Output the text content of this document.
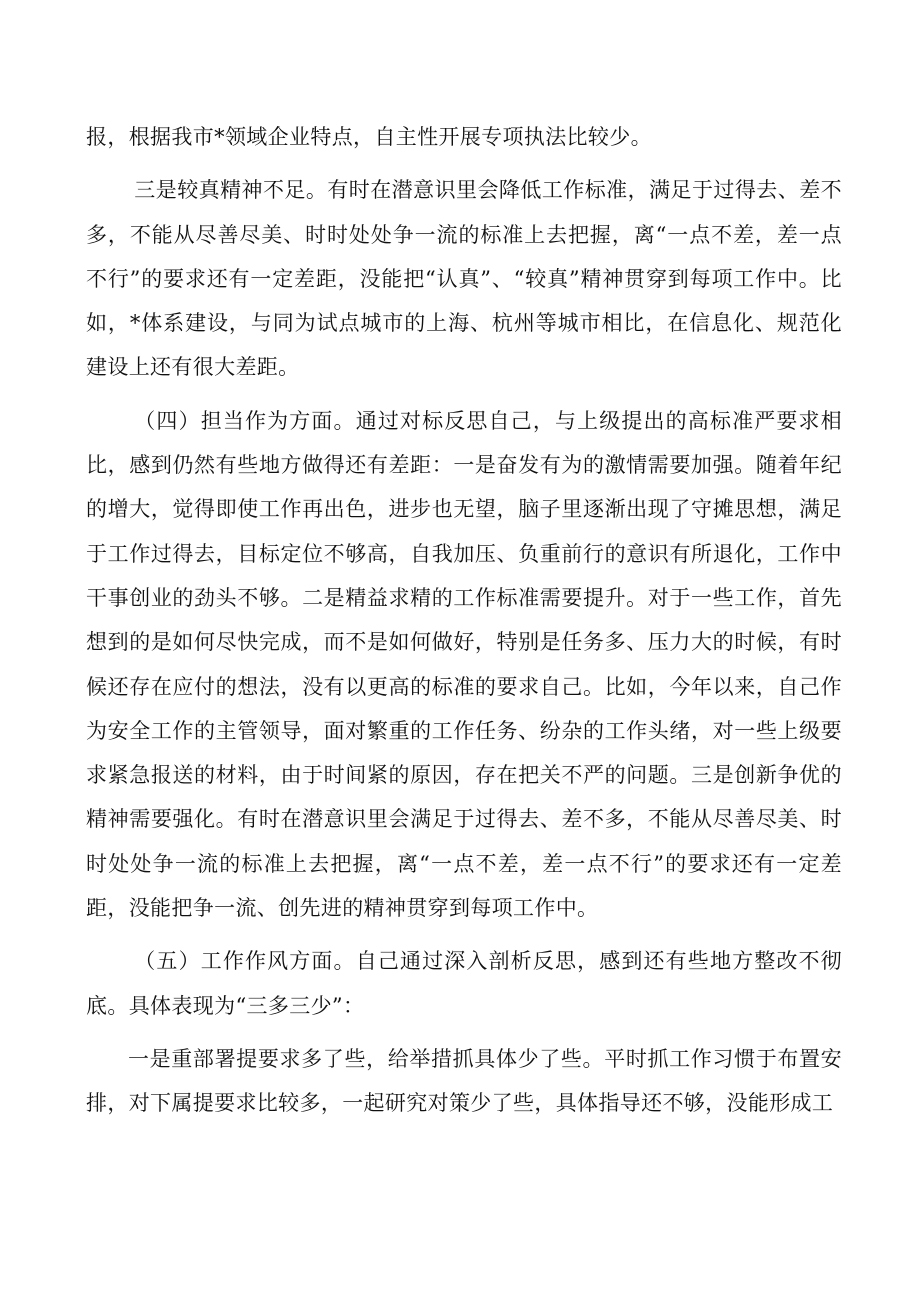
报，根据我市*领域企业特点，自主性开展专项执法比较少。

三是较真精神不足。有时在潜意识里会降低工作标准，满足于过得去、差不多，不能从尽善尽美、时时处处争一流的标准上去把握，离“一点不差，差一点不行”的要求还有一定差距，没能把“认真”、“较真”精神贯穿到每项工作中。比如，*体系建设，与同为试点城市的上海、杭州等城市相比，在信息化、规范化建设上还有很大差距。

（四）担当作为方面。通过对标反思自己，与上级提出的高标准严要求相比，感到仍然有些地方做得还有差距：一是奋发有为的激情需要加强。随着年纪的增大，觉得即使工作再出色，进步也无望，脑子里逐渐出现了守摊思想，满足于工作过得去，目标定位不够高，自我加压、负重前行的意识有所退化，工作中干事创业的劲头不够。二是精益求精的工作标准需要提升。对于一些工作，首先想到的是如何尽快完成，而不是如何做好，特别是任务多、压力大的时候，有时候还存在应付的想法，没有以更高的标准的要求自己。比如，今年以来，自己作为安全工作的主管领导，面对繁重的工作任务、纷杂的工作头绪，对一些上级要求紧急报送的材料，由于时间紧的原因，存在把关不严的问题。三是创新争优的精神需要强化。有时在潜意识里会满足于过得去、差不多，不能从尽善尽美、时时处处争一流的标准上去把握，离“一点不差，差一点不行”的要求还有一定差距，没能把争一流、创先进的精神贯穿到每项工作中。

（五）工作作风方面。自己通过深入剖析反思，感到还有些地方整改不彻底。具体表现为“三多三少”：

一是重部署提要求多了些，给举措抓具体少了些。平时抓工作习惯于布置安排，对下属提要求比较多，一起研究对策少了些，具体指导还不够，没能形成工
